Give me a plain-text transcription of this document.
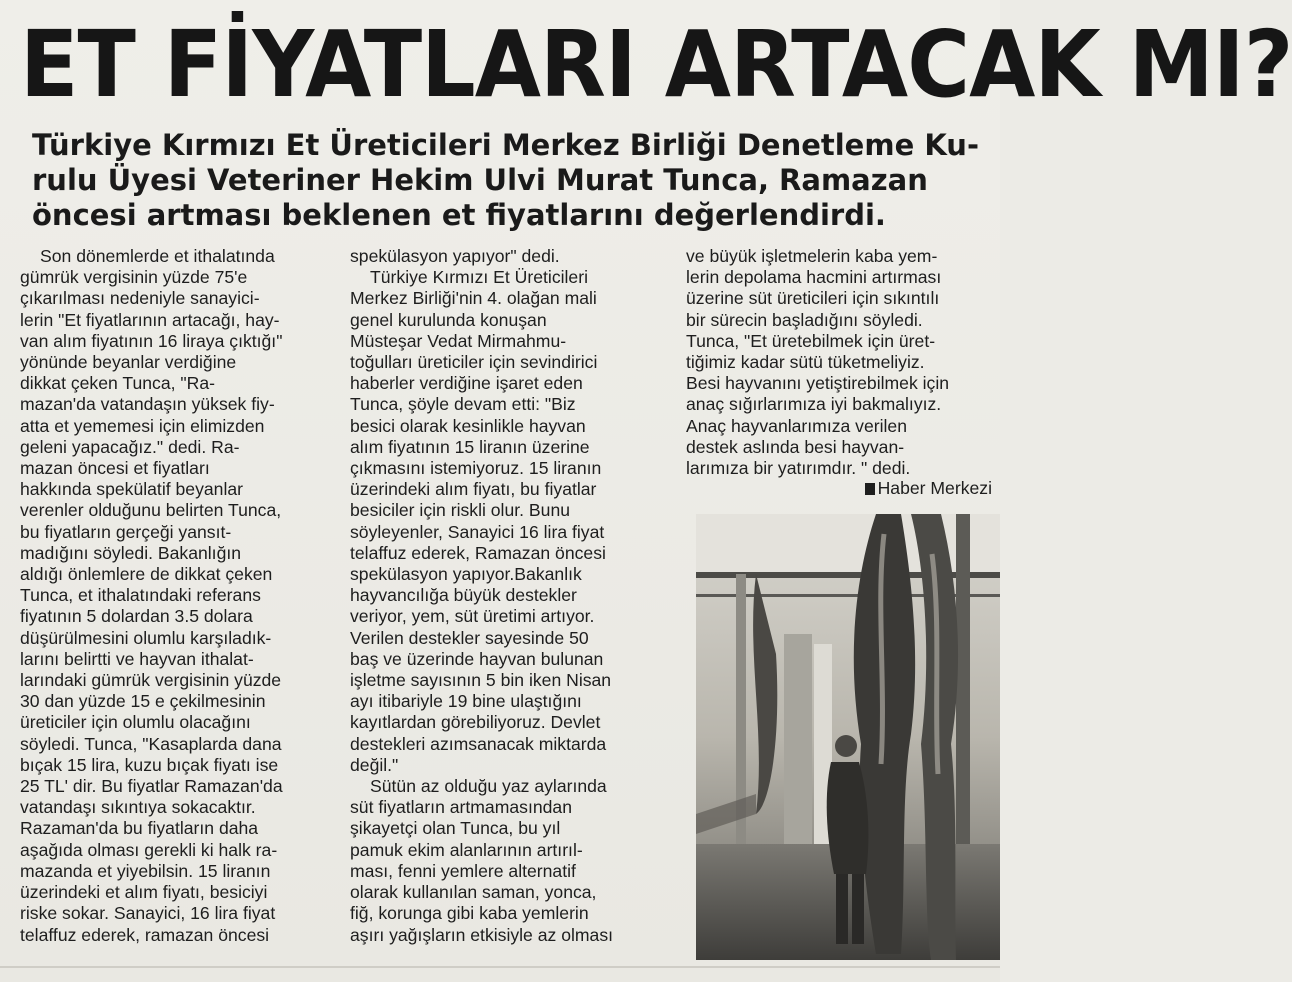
ET FİYATLARI ARTACAK MI?
Türkiye Kırmızı Et Üreticileri Merkez Birliği Denetleme Ku-
rulu Üyesi Veteriner Hekim Ulvi Murat Tunca, Ramazan
öncesi artması beklenen et fiyatlarını değerlendirdi.
Son dönemlerde et ithalatında
gümrük vergisinin yüzde 75'e
çıkarılması nedeniyle sanayici-
lerin "Et fiyatlarının artacağı, hay-
van alım fiyatının 16 liraya çıktığı"
yönünde beyanlar verdiğine
dikkat çeken Tunca, "Ra-
mazan'da vatandaşın yüksek fiy-
atta et yememesi için elimizden
geleni yapacağız." dedi. Ra-
mazan öncesi et fiyatları
hakkında spekülatif beyanlar
verenler olduğunu belirten Tunca,
bu fiyatların gerçeği yansıt-
madığını söyledi. Bakanlığın
aldığı önlemlere de dikkat çeken
Tunca, et ithalatındaki referans
fiyatının 5 dolardan 3.5 dolara
düşürülmesini olumlu karşıladık-
larını belirtti ve hayvan ithalat-
larındaki gümrük vergisinin yüzde
30 dan yüzde 15 e çekilmesinin
üreticiler için olumlu olacağını
söyledi. Tunca, "Kasaplarda dana
bıçak 15 lira, kuzu bıçak fiyatı ise
25 TL' dir. Bu fiyatlar Ramazan'da
vatandaşı sıkıntıya sokacaktır.
Razaman'da bu fiyatların daha
aşağıda olması gerekli ki halk ra-
mazanda et yiyebilsin. 15 liranın
üzerindeki et alım fiyatı, besiciyi
riske sokar. Sanayici, 16 lira fiyat
telaffuz ederek, ramazan öncesi
spekülasyon yapıyor" dedi.
Türkiye Kırmızı Et Üreticileri
Merkez Birliği'nin 4. olağan mali
genel kurulunda konuşan
Müsteşar Vedat Mirmahmu-
toğulları üreticiler için sevindirici
haberler verdiğine işaret eden
Tunca, şöyle devam etti: "Biz
besici olarak kesinlikle hayvan
alım fiyatının 15 liranın üzerine
çıkmasını istemiyoruz. 15 liranın
üzerindeki alım fiyatı, bu fiyatlar
besiciler için riskli olur. Bunu
söyleyenler, Sanayici 16 lira fiyat
telaffuz ederek, Ramazan öncesi
spekülasyon yapıyor.Bakanlık
hayvancılığa büyük destekler
veriyor, yem, süt üretimi artıyor.
Verilen destekler sayesinde 50
baş ve üzerinde hayvan bulunan
işletme sayısının 5 bin iken Nisan
ayı itibariyle 19 bine ulaştığını
kayıtlardan görebiliyoruz. Devlet
destekleri azımsanacak miktarda
değil."
Sütün az olduğu yaz aylarında
süt fiyatların artmamasından
şikayetçi olan Tunca, bu yıl
pamuk ekim alanlarının artırıl-
ması, fenni yemlere alternatif
olarak kullanılan saman, yonca,
fiğ, korunga gibi kaba yemlerin
aşırı yağışların etkisiyle az olması
ve büyük işletmelerin kaba yem-
lerin depolama hacmini artırması
üzerine süt üreticileri için sıkıntılı
bir sürecin başladığını söyledi.
Tunca, "Et üretebilmek için üret-
tiğimiz kadar sütü tüketmeliyiz.
Besi hayvanını yetiştirebilmek için
anaç sığırlarımıza iyi bakmalıyız.
Anaç hayvanlarımıza verilen
destek aslında besi hayvan-
larımıza bir yatırımdır. " dedi.
Haber Merkezi
